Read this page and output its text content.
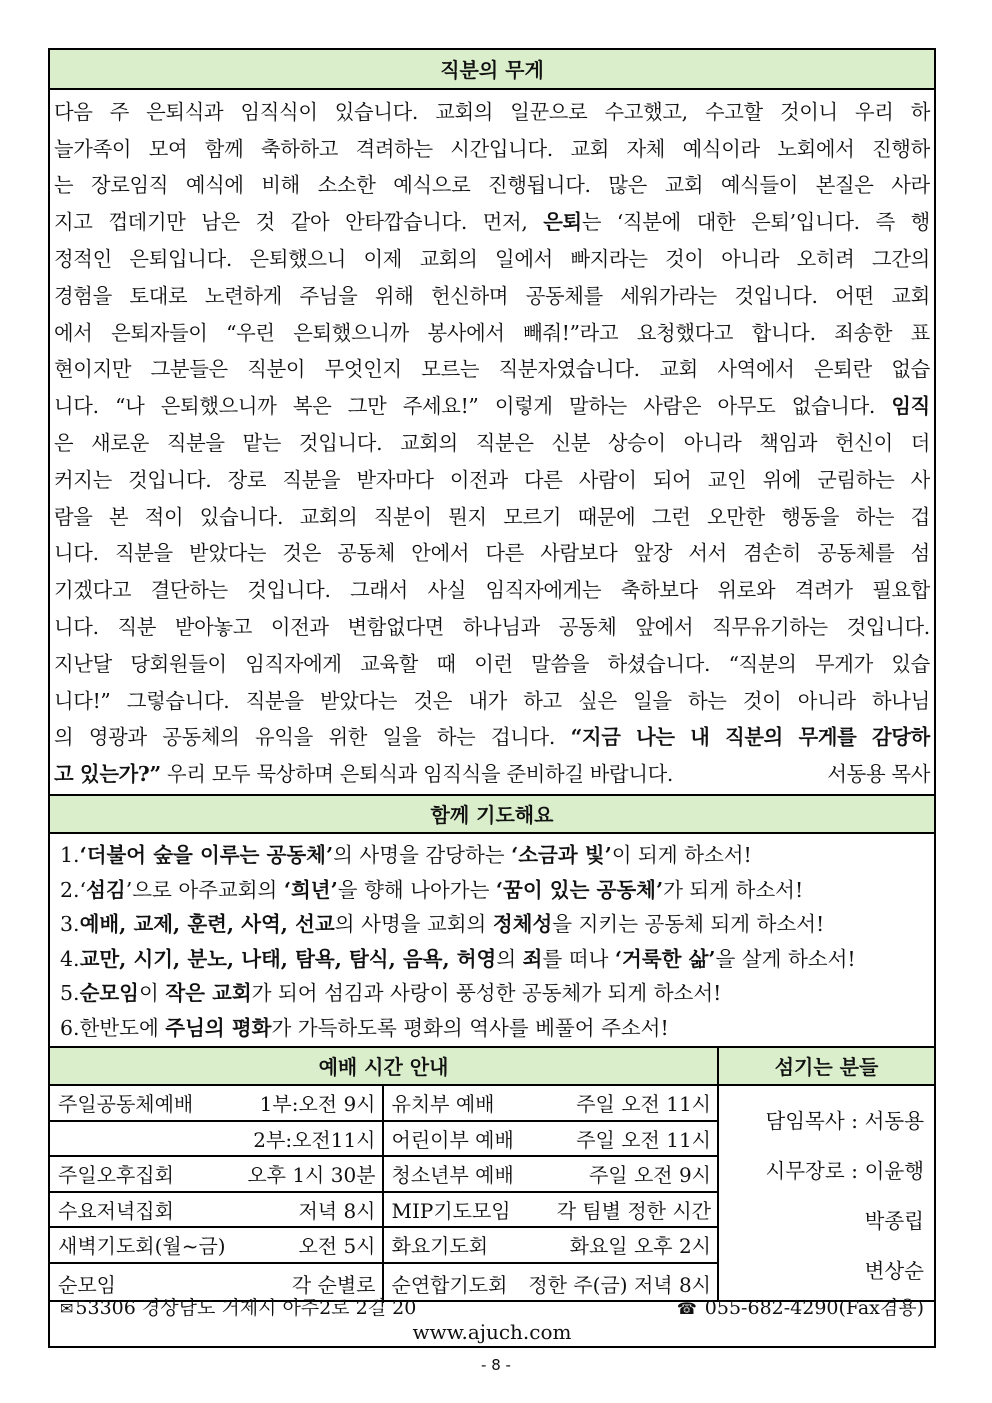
직분의 무게
다음 주 은퇴식과 임직식이 있습니다. 교회의 일꾼으로 수고했고, 수고할 것이니 우리 하
늘가족이 모여 함께 축하하고 격려하는 시간입니다. 교회 자체 예식이라 노회에서 진행하
는 장로임직 예식에 비해 소소한 예식으로 진행됩니다. 많은 교회 예식들이 본질은 사라
지고 껍데기만 남은 것 같아 안타깝습니다. 먼저, 은퇴는 ‘직분에 대한 은퇴’입니다. 즉 행
정적인 은퇴입니다. 은퇴했으니 이제 교회의 일에서 빠지라는 것이 아니라 오히려 그간의
경험을 토대로 노련하게 주님을 위해 헌신하며 공동체를 세워가라는 것입니다. 어떤 교회
에서 은퇴자들이 “우린 은퇴했으니까 봉사에서 빼줘!”라고 요청했다고 합니다. 죄송한 표
현이지만 그분들은 직분이 무엇인지 모르는 직분자였습니다. 교회 사역에서 은퇴란 없습
니다. “나 은퇴했으니까 복은 그만 주세요!” 이렇게 말하는 사람은 아무도 없습니다. 임직
은 새로운 직분을 맡는 것입니다. 교회의 직분은 신분 상승이 아니라 책임과 헌신이 더
커지는 것입니다. 장로 직분을 받자마다 이전과 다른 사람이 되어 교인 위에 군림하는 사
람을 본 적이 있습니다. 교회의 직분이 뭔지 모르기 때문에 그런 오만한 행동을 하는 겁
니다. 직분을 받았다는 것은 공동체 안에서 다른 사람보다 앞장 서서 겸손히 공동체를 섬
기겠다고 결단하는 것입니다. 그래서 사실 임직자에게는 축하보다 위로와 격려가 필요합
니다. 직분 받아놓고 이전과 변함없다면 하나님과 공동체 앞에서 직무유기하는 것입니다.
지난달 당회원들이 임직자에게 교육할 때 이런 말씀을 하셨습니다. “직분의 무게가 있습
니다!” 그렇습니다. 직분을 받았다는 것은 내가 하고 싶은 일을 하는 것이 아니라 하나님
의 영광과 공동체의 유익을 위한 일을 하는 겁니다. “지금 나는 내 직분의 무게를 감당하
고 있는가?” 우리 모두 묵상하며 은퇴식과 임직식을 준비하길 바랍니다.	서동용 목사
함께 기도해요
1.‘더불어 숲을 이루는 공동체’의 사명을 감당하는 ‘소금과 빛’이 되게 하소서!
2.‘섬김’으로 아주교회의 ‘희년’을 향해 나아가는 ‘꿈이 있는 공동체’가 되게 하소서!
3.예배, 교제, 훈련, 사역, 선교의 사명을 교회의 정체성을 지키는 공동체 되게 하소서!
4.교만, 시기, 분노, 나태, 탐욕, 탐식, 음욕, 허영의 죄를 떠나 ‘거룩한 삶’을 살게 하소서!
5.순모임이 작은 교회가 되어 섬김과 사랑이 풍성한 공동체가 되게 하소서!
6.한반도에 주님의 평화가 가득하도록 평화의 역사를 베풀어 주소서!
예배 시간 안내
주일공동체예배	1부:오전 9시 유치부 예배	주일 오전 11시
2부:오전11시 어린이부 예배	주일 오전 11시
주일오후집회	오후 1시 30분 청소년부 예배	주일 오전 9시
수요저녁집회	저녁 8시 MIP기도모임 각 팀별 정한 시간
새벽기도회(월~금)	오전 5시 화요기도회	화요일 오후 2시
순모임	각 순별로 순연합기도회 정한 주(금) 저녁 8시
섬기는 분들
담임목사 : 서동용
시무장로 : 이윤행
박종립
변상순
✉ 53306 경상남도 거제시 아주2로 2길 20	☎ 055-682-4290(Fax겸용)
www.ajuch.com
- 8 -
